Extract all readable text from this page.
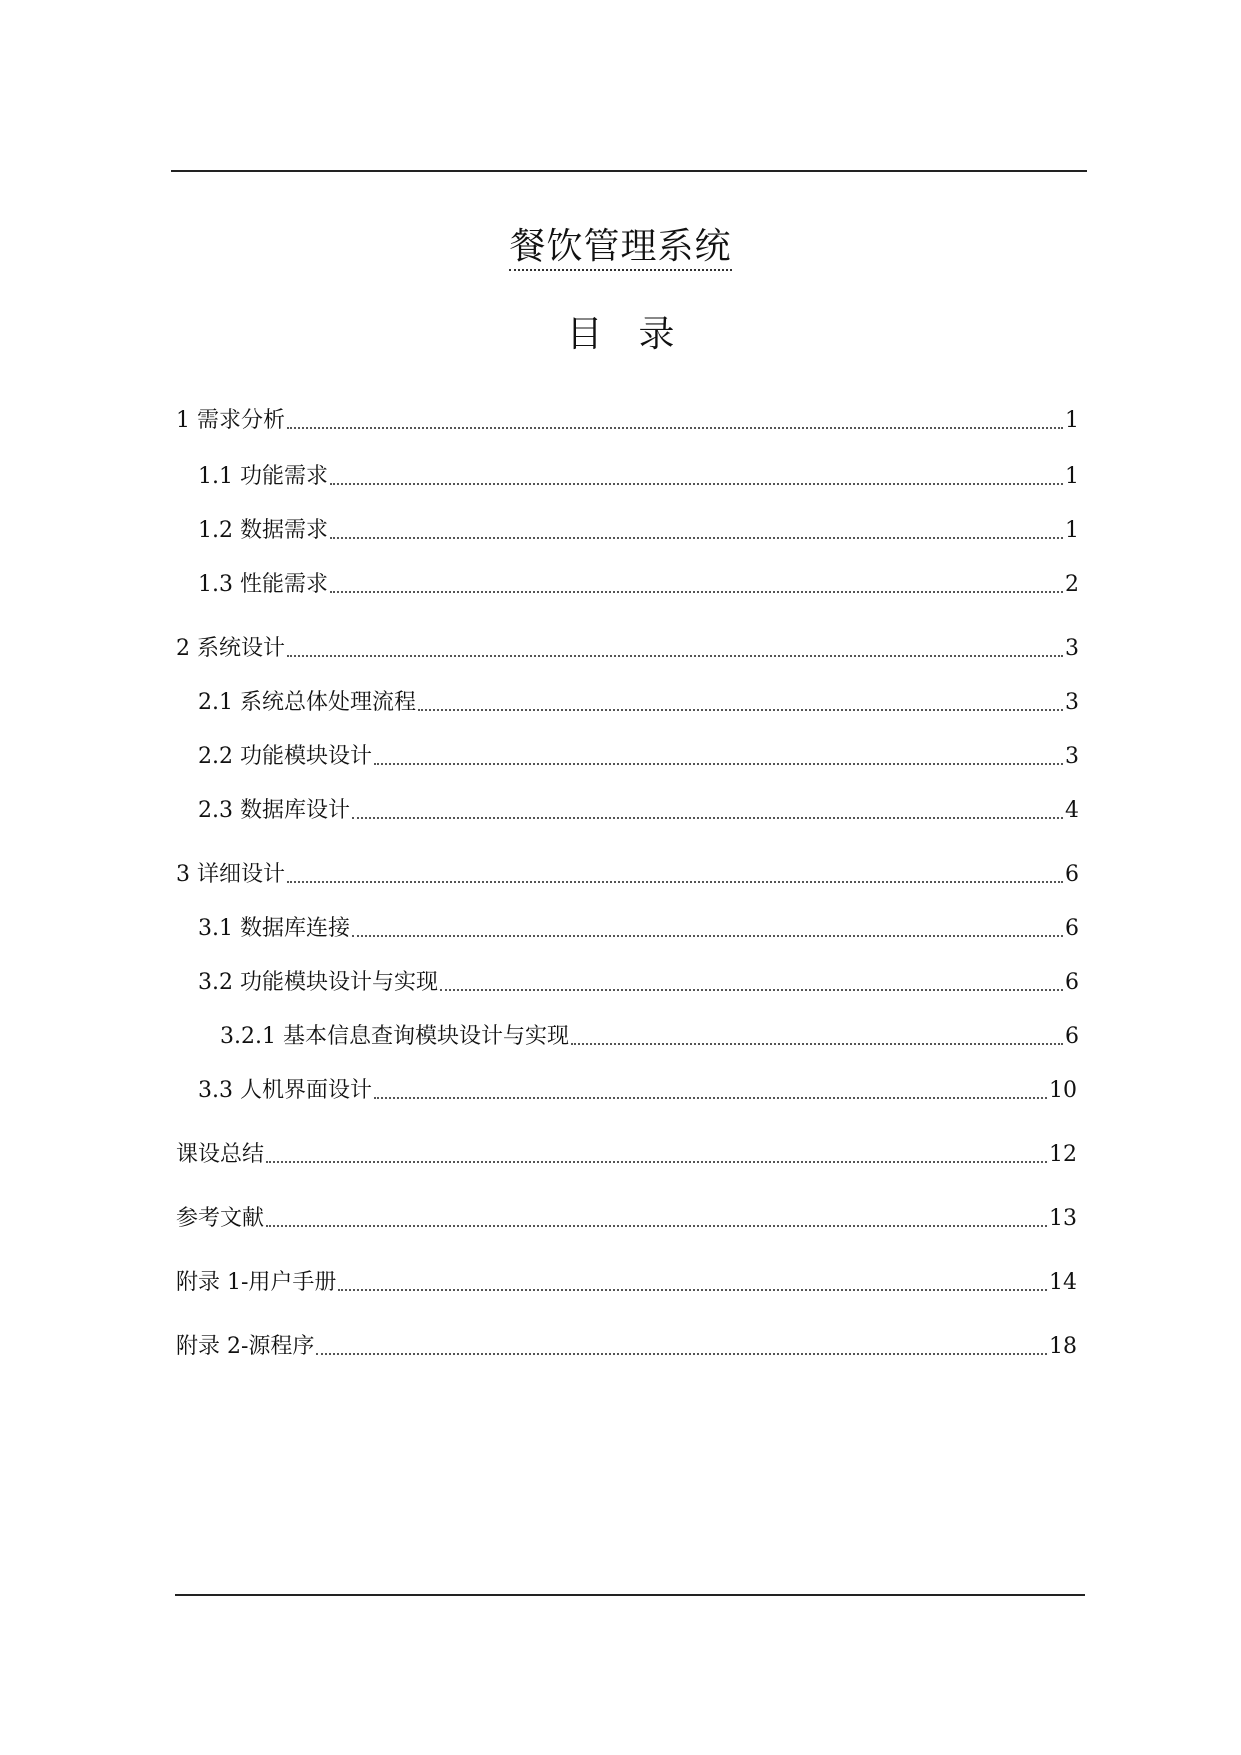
餐饮管理系统
目录
1 需求分析	1
1.1 功能需求	1
1.2 数据需求	1
1.3 性能需求	2
2 系统设计	3
2.1 系统总体处理流程	3
2.2 功能模块设计	3
2.3 数据库设计	4
3 详细设计	6
3.1 数据库连接	6
3.2 功能模块设计与实现	6
3.2.1 基本信息查询模块设计与实现	6
3.3 人机界面设计	10
课设总结	12
参考文献	13
附录 1-用户手册	14
附录 2-源程序	18
